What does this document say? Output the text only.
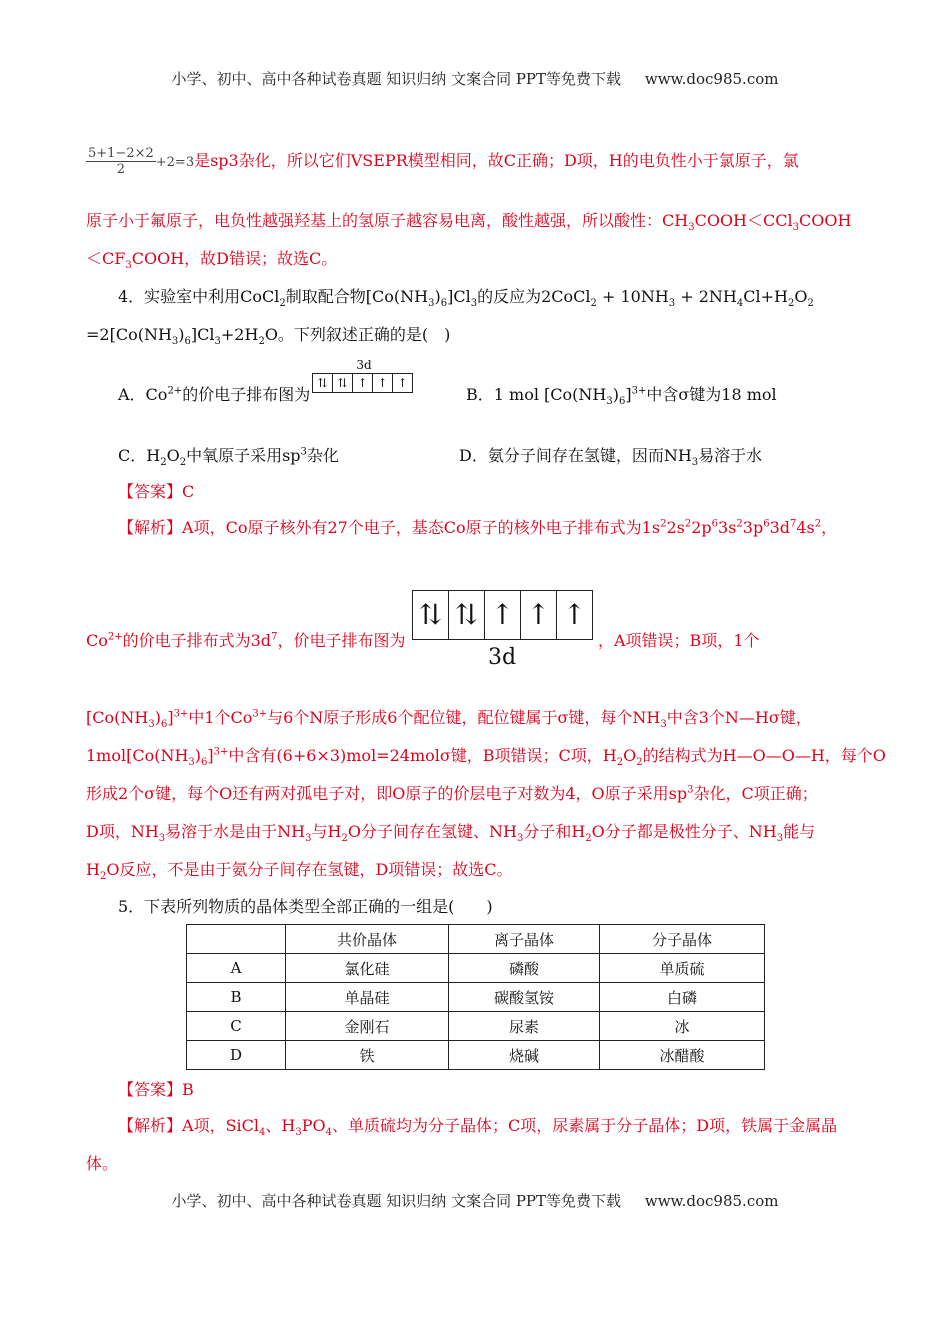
小学、初中、高中各种试卷真题 知识归纳 文案合同 PPT等免费下载 www.doc985.com
$\frac{5+1-2\times 2}{2} +2=3$是sp3杂化，所以它们VSEPR模型相同，故C正确；D项，H的电负性小于氯原子，氯
原子小于氟原子，电负性越强羟基上的氢原子越容易电离，酸性越强，所以酸性：$CH_3COOH<CCl_3COOH$
$<CF_3COOH$，故D错误；故选C。
4．实验室中利用CoCl$_2$制取配合物$[Co(NH_3)_6]Cl_3$的反应为2CoCl$_2$ + $10NH_3 + 2NH_4Cl+H_2O_2$
$=2[Co(NH_3)_6]Cl_3+2H_2O$。下列叙述正确的是(　)
A．$Co^{2+}$的价电子排布图为
3d
⇅ ⇅ ↑ ↑ ↑
B．1 mol $[Co(NH_3)_6]^{3+}$中含σ键为18 mol
C．$H_2O_2$中氧原子采用$sp^3$杂化	D．氨分子间存在氢键，因而$NH_3$易溶于水
【答案】C
【解析】A项，Co原子核外有27个电子，基态Co原子的核外电子排布式为$1s^22s^22p^63s^23p^63d^74s^2$，
$Co^{2+}$的价电子排布式为$3d^7$，价电子排布图为
⇅ ⇅ ↑ ↑ ↑
3d
，A项错误；B项，1个
$[Co(NH_3)_6]^{3+}$中1个$Co^{3+}$与6个N原子形成6个配位键，配位键属于σ键，每个$NH_3$中含3个N—Hσ键，
$1mol[Co(NH_3)_6]^{3+}$中含有(6+6×3)mol=24molσ键，B项错误；C项，$H_2O_2$的结构式为H—O—O—H，每个O
形成2个σ键，每个O还有两对孤电子对，即O原子的价层电子对数为4，O原子采用$sp^3$杂化，C项正确；
D项，$NH_3$易溶于水是由于$NH_3$与$H_2O$分子间存在氢键、$NH_3$分子和$H_2O$分子都是极性分子、$NH_3$能与
$H_2O$反应，不是由于氨分子间存在氢键，D项错误；故选C。
5．下表所列物质的晶体类型全部正确的一组是(　　)
	共价晶体	离子晶体	分子晶体
A	氯化硅	磷酸	单质硫
B	单晶硅	碳酸氢铵	白磷
C	金刚石	尿素	冰
D	铁	烧碱	冰醋酸
【答案】B
【解析】A项，SiCl$_4$、$H_3PO_4$、单质硫均为分子晶体；C项，尿素属于分子晶体；D项，铁属于金属晶
体。
小学、初中、高中各种试卷真题 知识归纳 文案合同 PPT等免费下载 www.doc985.com
